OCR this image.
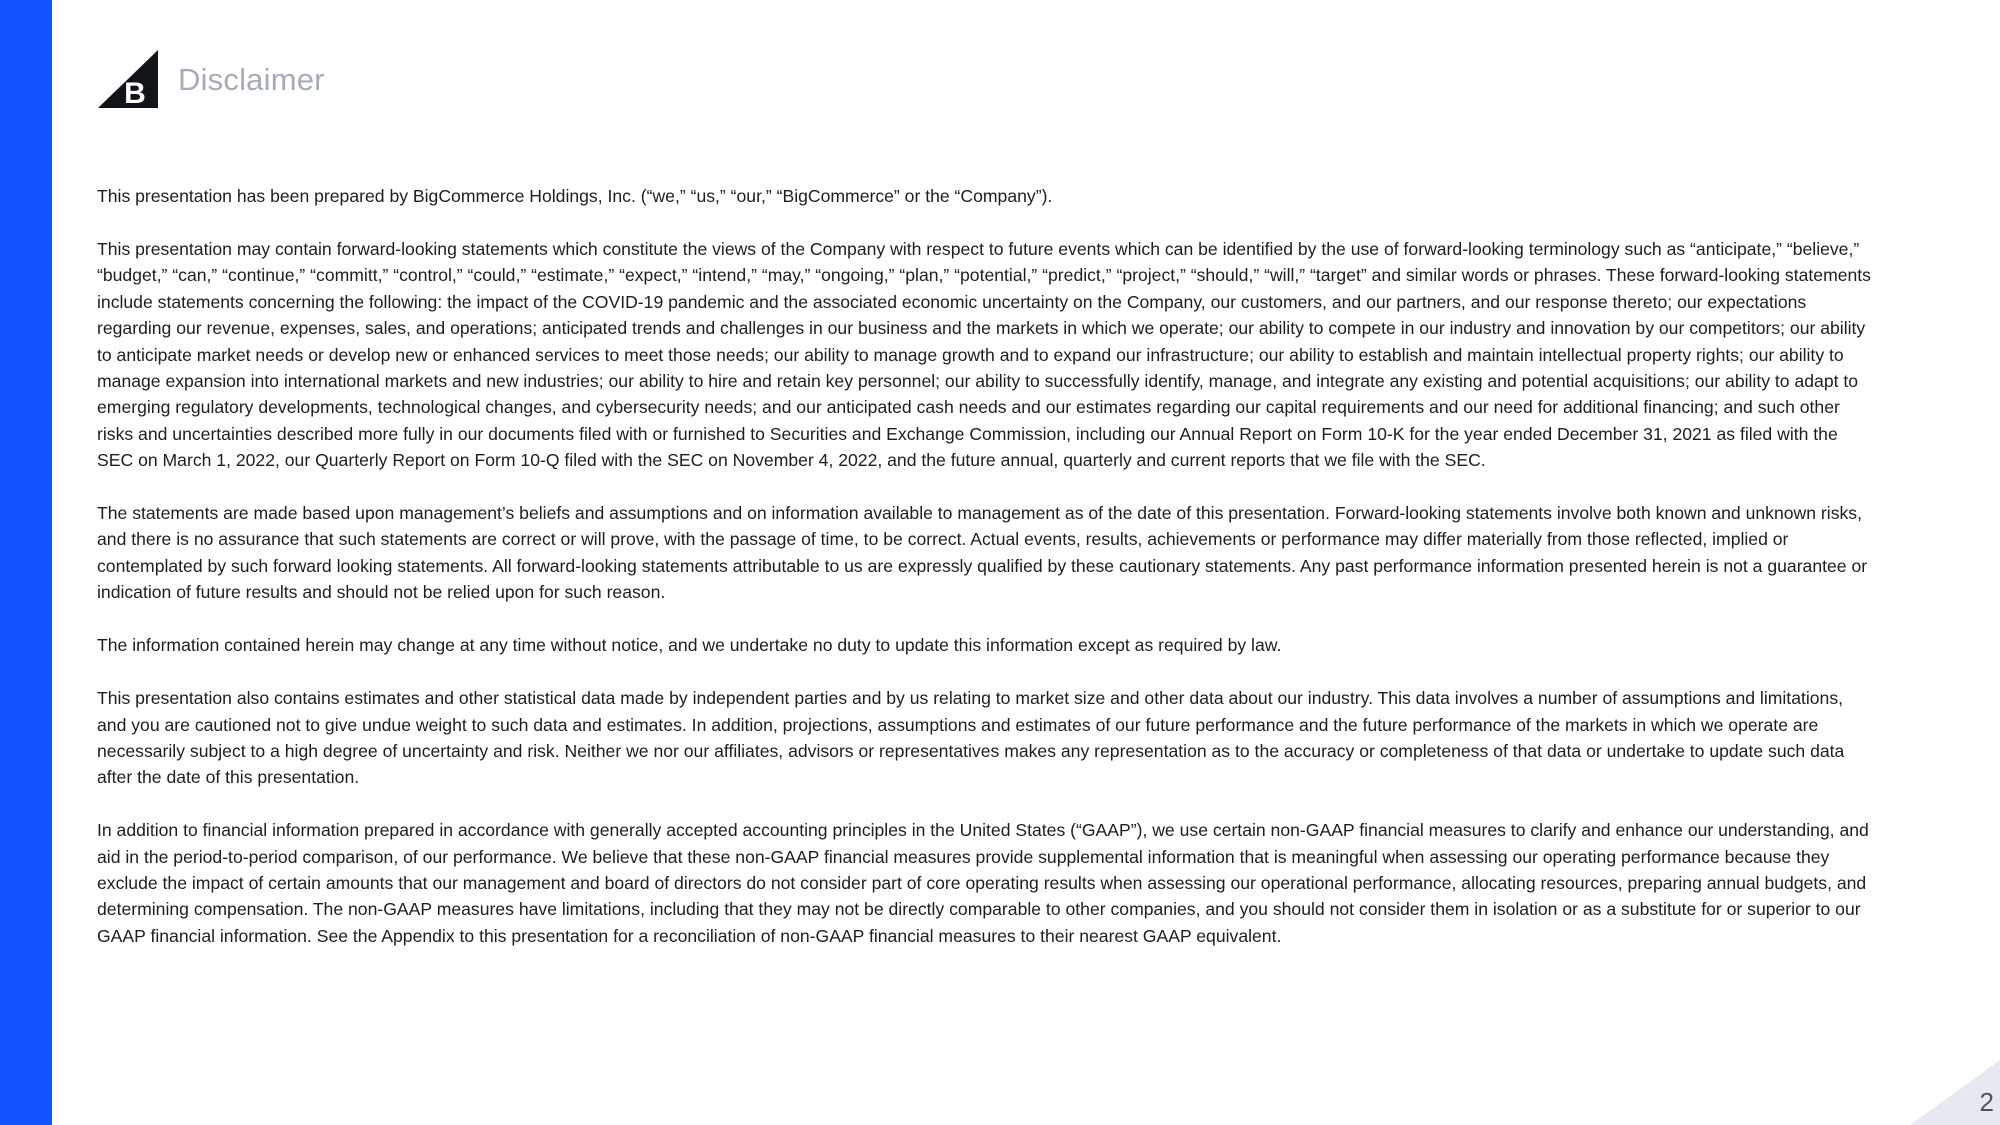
B Disclaimer

This presentation has been prepared by BigCommerce Holdings, Inc. (“we,” “us,” “our,” “BigCommerce” or the “Company”).

This presentation may contain forward-looking statements which constitute the views of the Company with respect to future events which can be identified by the use of forward-looking terminology such as “anticipate,” “believe,” “budget,” “can,” “continue,” “committ,” “control,” “could,” “estimate,” “expect,” “intend,” “may,” “ongoing,” “plan,” “potential,” “predict,” “project,” “should,” “will,” “target” and similar words or phrases. These forward-looking statements include statements concerning the following: the impact of the COVID-19 pandemic and the associated economic uncertainty on the Company, our customers, and our partners, and our response thereto; our expectations regarding our revenue, expenses, sales, and operations; anticipated trends and challenges in our business and the markets in which we operate; our ability to compete in our industry and innovation by our competitors; our ability to anticipate market needs or develop new or enhanced services to meet those needs; our ability to manage growth and to expand our infrastructure; our ability to establish and maintain intellectual property rights; our ability to manage expansion into international markets and new industries; our ability to hire and retain key personnel; our ability to successfully identify, manage, and integrate any existing and potential acquisitions; our ability to adapt to emerging regulatory developments, technological changes, and cybersecurity needs; and our anticipated cash needs and our estimates regarding our capital requirements and our need for additional financing; and such other risks and uncertainties described more fully in our documents filed with or furnished to Securities and Exchange Commission, including our Annual Report on Form 10-K for the year ended December 31, 2021 as filed with the SEC on March 1, 2022, our Quarterly Report on Form 10-Q filed with the SEC on November 4, 2022, and the future annual, quarterly and current reports that we file with the SEC.

The statements are made based upon management’s beliefs and assumptions and on information available to management as of the date of this presentation. Forward-looking statements involve both known and unknown risks, and there is no assurance that such statements are correct or will prove, with the passage of time, to be correct. Actual events, results, achievements or performance may differ materially from those reflected, implied or contemplated by such forward looking statements. All forward-looking statements attributable to us are expressly qualified by these cautionary statements. Any past performance information presented herein is not a guarantee or indication of future results and should not be relied upon for such reason.

The information contained herein may change at any time without notice, and we undertake no duty to update this information except as required by law.

This presentation also contains estimates and other statistical data made by independent parties and by us relating to market size and other data about our industry. This data involves a number of assumptions and limitations, and you are cautioned not to give undue weight to such data and estimates. In addition, projections, assumptions and estimates of our future performance and the future performance of the markets in which we operate are necessarily subject to a high degree of uncertainty and risk. Neither we nor our affiliates, advisors or representatives makes any representation as to the accuracy or completeness of that data or undertake to update such data after the date of this presentation.

In addition to financial information prepared in accordance with generally accepted accounting principles in the United States (“GAAP”), we use certain non-GAAP financial measures to clarify and enhance our understanding, and aid in the period-to-period comparison, of our performance. We believe that these non-GAAP financial measures provide supplemental information that is meaningful when assessing our operating performance because they exclude the impact of certain amounts that our management and board of directors do not consider part of core operating results when assessing our operational performance, allocating resources, preparing annual budgets, and determining compensation. The non-GAAP measures have limitations, including that they may not be directly comparable to other companies, and you should not consider them in isolation or as a substitute for or superior to our GAAP financial information. See the Appendix to this presentation for a reconciliation of non-GAAP financial measures to their nearest GAAP equivalent.

2
